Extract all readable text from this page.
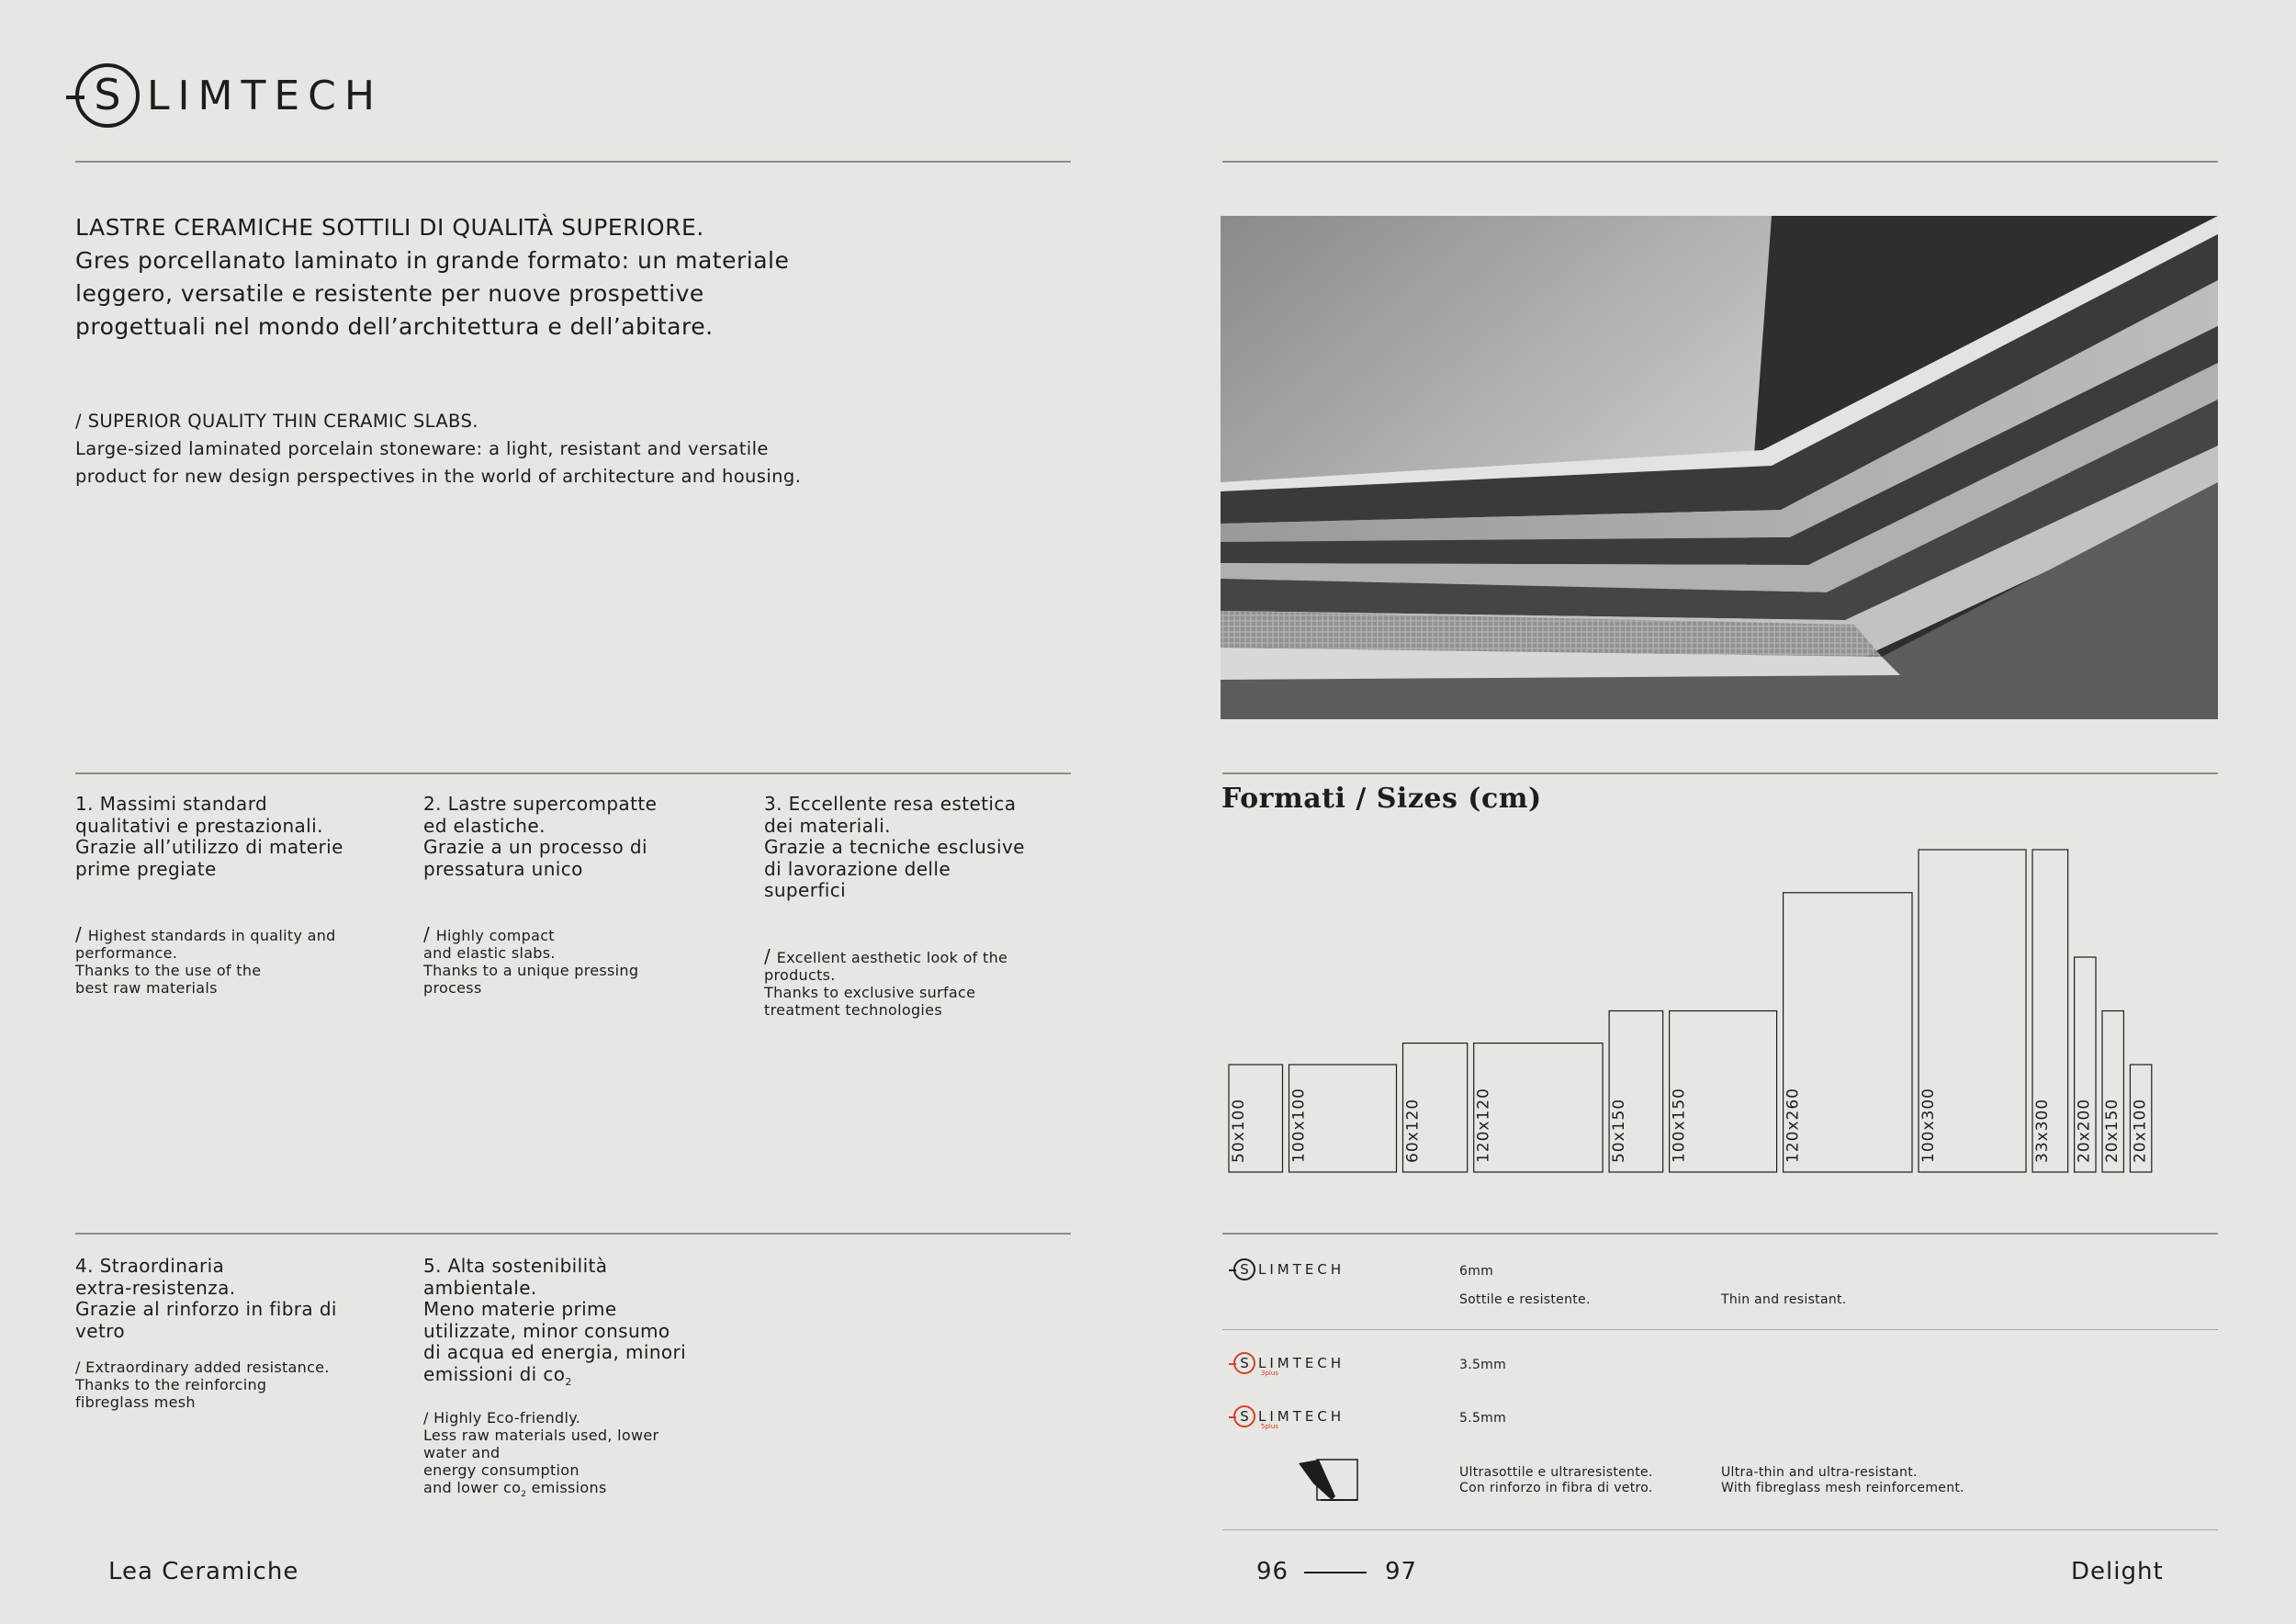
S LIMTECH
LASTRE CERAMICHE SOTTILI DI QUALITÀ SUPERIORE.
Gres porcellanato laminato in grande formato: un materiale
leggero, versatile e resistente per nuove prospettive
progettuali nel mondo dell’architettura e dell’abitare.
/ SUPERIOR QUALITY THIN CERAMIC SLABS.
Large-sized laminated porcelain stoneware: a light, resistant and versatile
product for new design perspectives in the world of architecture and housing.
1. Massimi standard
qualitativi e prestazionali.
Grazie all’utilizzo di materie
prime pregiate
/ Highest standards in quality and
performance.
Thanks to the use of the
best raw materials
2. Lastre supercompatte
ed elastiche.
Grazie a un processo di
pressatura unico
/ Highly compact
and elastic slabs.
Thanks to a unique pressing
process
3. Eccellente resa estetica
dei materiali.
Grazie a tecniche esclusive
di lavorazione delle
superfici
/ Excellent aesthetic look of the
products.
Thanks to exclusive surface
treatment technologies
4. Straordinaria
extra-resistenza.
Grazie al rinforzo in fibra di
vetro
/ Extraordinary added resistance.
Thanks to the reinforcing
fibreglass mesh
5. Alta sostenibilità
ambientale.
Meno materie prime
utilizzate, minor consumo
di acqua ed energia, minori
emissioni di $co_2$
/ Highly Eco-friendly.
Less raw materials used, lower
water and
energy consumption
and lower $co_2$ emissions
Formati / Sizes (cm)
50x100	100x100	60x120	120x120	50x150	100x150	120x260	100x300	33x300 20x200 20x150 20x100
S LIMTECH	6mm
Sottile e resistente.	Thin and resistant.
S LIMTECH
3plus
3.5mm
S LIMTECH
5plus
5.5mm
Ultrasottile e ultraresistente.
Con rinforzo in fibra di vetro.
Ultra-thin and ultra-resistant.
With fibreglass mesh reinforcement.
Lea Ceramiche	96	97	Delight
